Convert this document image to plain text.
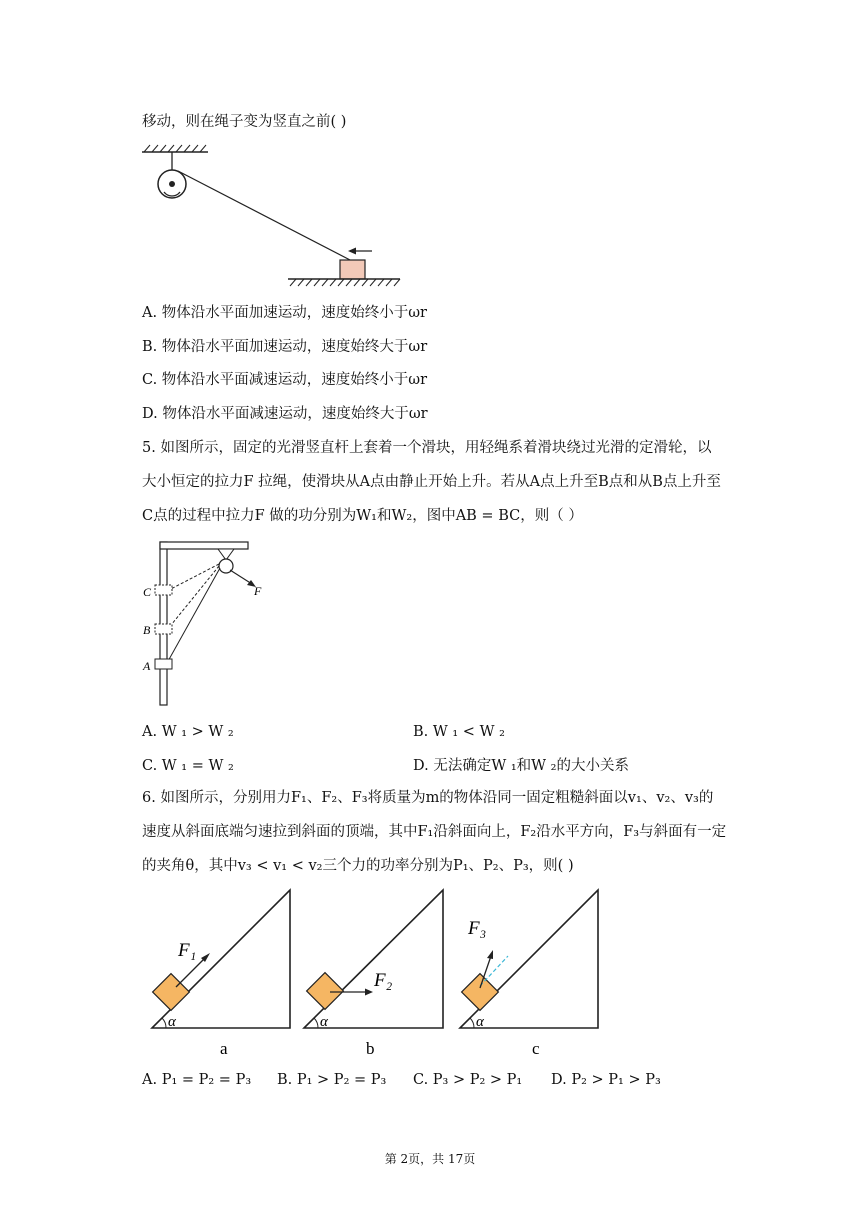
移动，则在绳子变为竖直之前( )
A. 物体沿水平面加速运动，速度始终小于ωr
B. 物体沿水平面加速运动，速度始终大于ωr
C. 物体沿水平面减速运动，速度始终小于ωr
D. 物体沿水平面减速运动，速度始终大于ωr
5. 如图所示，固定的光滑竖直杆上套着一个滑块，用轻绳系着滑块绕过光滑的定滑轮，以
大小恒定的拉力F 拉绳，使滑块从A点由静止开始上升。若从A点上升至B点和从B点上升至
C点的过程中拉力F 做的功分别为W₁和W₂，图中AB = BC，则（ ）
F
C
B
A
A. W ₁ > W ₂	B. W ₁ < W ₂
C. W ₁ = W ₂	D. 无法确定W ₁和W ₂的大小关系
6. 如图所示，分别用力F₁、F₂、F₃将质量为m的物体沿同一固定粗糙斜面以v₁、v₂、v₃的
速度从斜面底端匀速拉到斜面的顶端，其中F₁沿斜面向上，F₂沿水平方向，F₃与斜面有一定
的夹角θ，其中v₃ < v₁ < v₂三个力的功率分别为P₁、P₂、P₃，则( )
F₁
α
a
F₂
α
b
F₃
α
c
A. P₁ = P₂ = P₃ B. P₁ > P₂ = P₃ C. P₃ > P₂ > P₁ D. P₂ > P₁ > P₃
第 2页，共 17页
